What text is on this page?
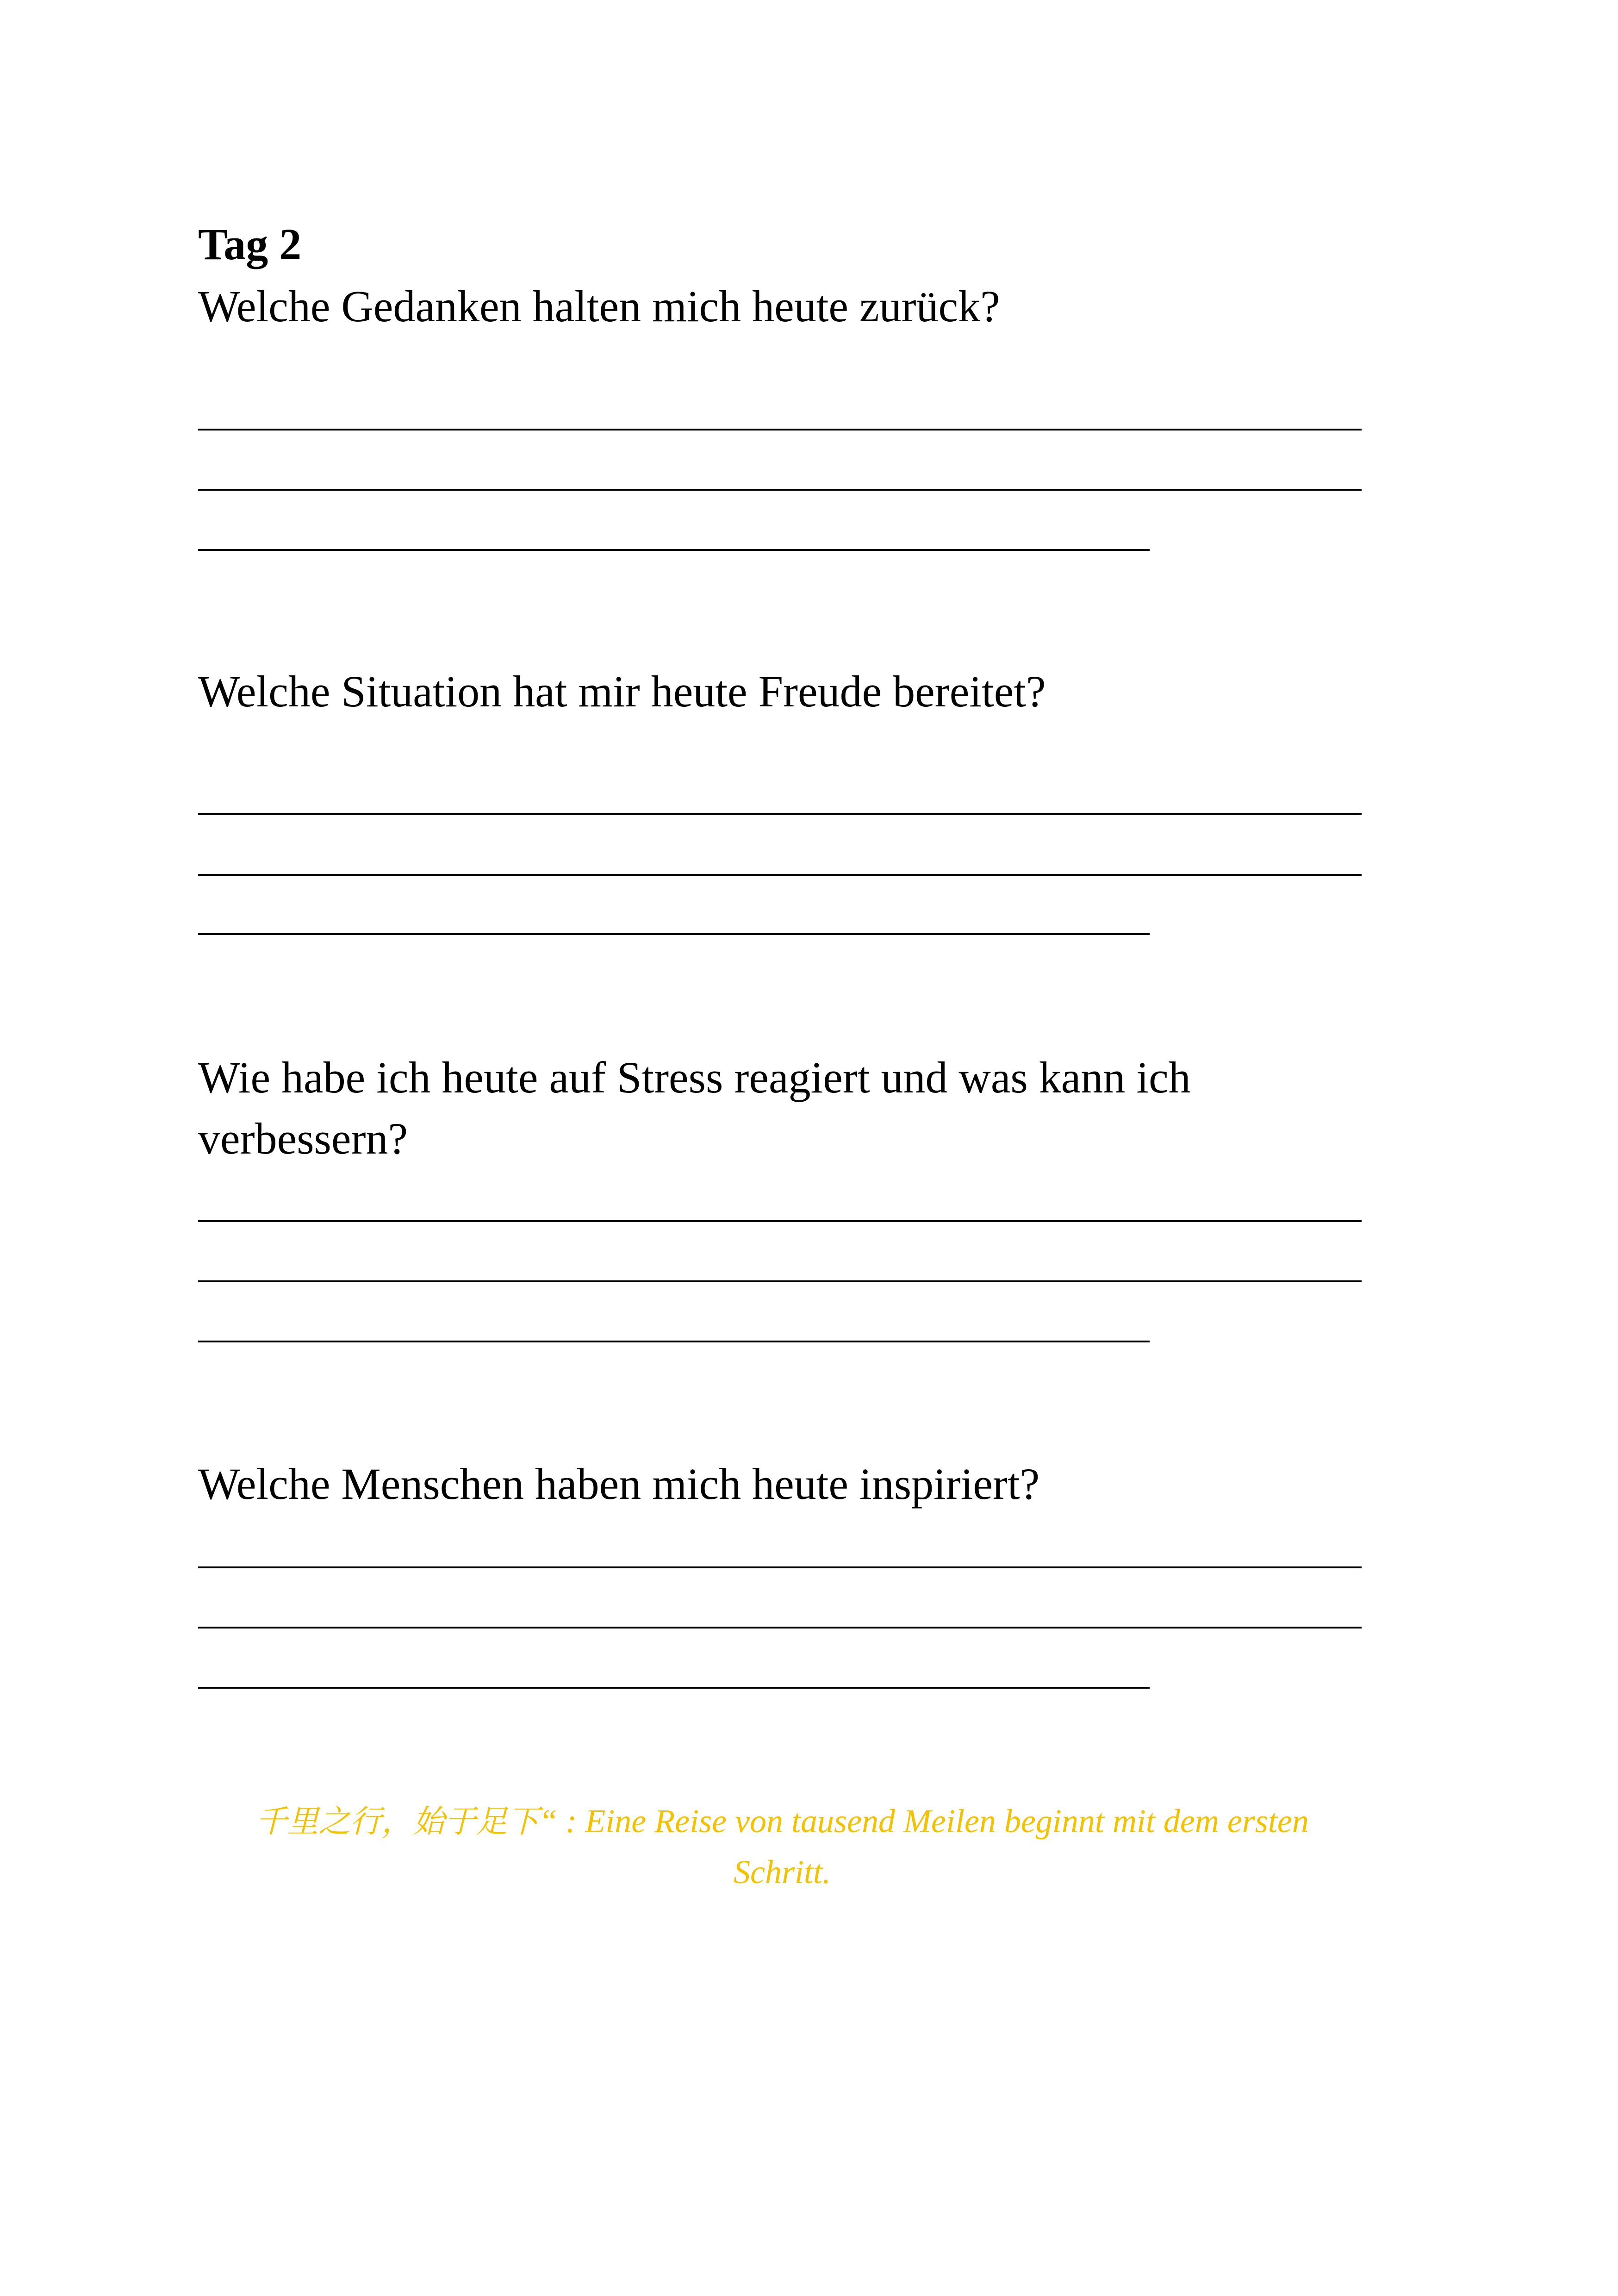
Tag 2

Welche Gedanken halten mich heute zurück?

Welche Situation hat mir heute Freude bereitet?

Wie habe ich heute auf Stress reagiert und was kann ich verbessern?

Welche Menschen haben mich heute inspiriert?

千里之行，始于足下“ : Eine Reise von tausend Meilen beginnt mit dem ersten Schritt.
